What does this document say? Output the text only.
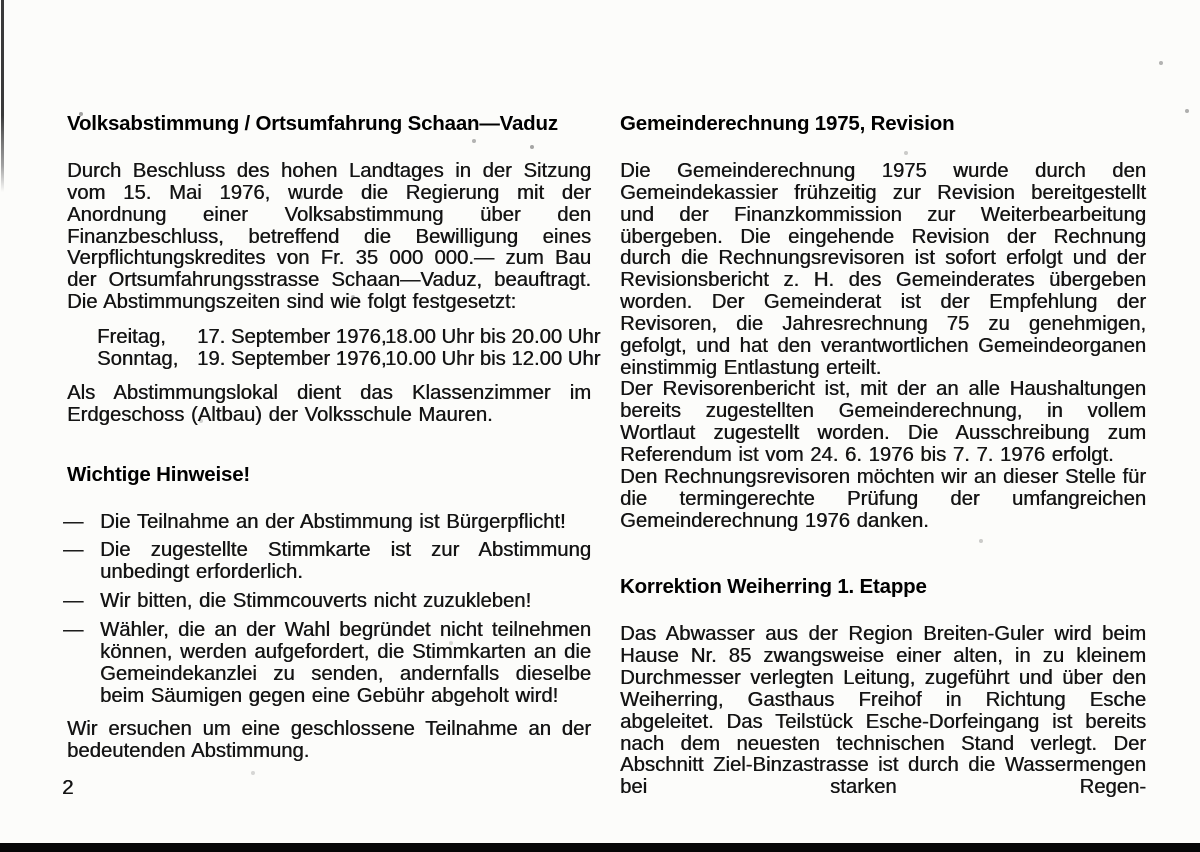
Volksabstimmung / Ortsumfahrung Schaan—Vaduz

Durch Beschluss des hohen Landtages in der Sitzung vom 15. Mai 1976, wurde die Regierung mit der Anordnung einer Volksabstimmung über den Finanzbeschluss, betreffend die Bewilligung eines Verpflichtungskredites von Fr. 35 000 000.— zum Bau der Ortsumfahrungsstrasse Schaan—Vaduz, beauftragt. Die Abstimmungszeiten sind wie folgt festgesetzt:

Freitag,	17. September 1976,
18.00 Uhr bis 20.00 Uhr
Sonntag, 19. September 1976,
10.00 Uhr bis 12.00 Uhr

Als Abstimmungslokal dient das Klassenzimmer im Erdgeschoss (Altbau) der Volksschule Mauren.

Wichtige Hinweise!
— Die Teilnahme an der Abstimmung ist Bürgerpflicht!
— Die zugestellte Stimmkarte ist zur Abstimmung unbedingt erforderlich.
— Wir bitten, die Stimmcouverts nicht zuzukleben!
— Wähler, die an der Wahl begründet nicht teilnehmen können, werden aufgefordert, die Stimmkarten an die Gemeindekanzlei zu senden, andernfalls dieselbe beim Säumigen gegen eine Gebühr abgeholt wird!

Wir ersuchen um eine geschlossene Teilnahme an der bedeutenden Abstimmung.

Gemeinderechnung 1975, Revision

Die Gemeinderechnung 1975 wurde durch den Gemeindekassier frühzeitig zur Revision bereitgestellt und der Finanzkommission zur Weiterbearbeitung übergeben. Die eingehende Revision der Rechnung durch die Rechnungsrevisoren ist sofort erfolgt und der Revisionsbericht z. H. des Gemeinderates übergeben worden. Der Gemeinderat ist der Empfehlung der Revisoren, die Jahresrechnung 75 zu genehmigen, gefolgt, und hat den verantwortlichen Gemeindeorganen einstimmig Entlastung erteilt.

Der Revisorenbericht ist, mit der an alle Haushaltungen bereits zugestellten Gemeinderechnung, in vollem Wortlaut zugestellt worden. Die Ausschreibung zum Referendum ist vom 24. 6. 1976 bis 7. 7. 1976 erfolgt.

Den Rechnungsrevisoren möchten wir an dieser Stelle für die termingerechte Prüfung der umfangreichen Gemeinderechnung 1976 danken.

Korrektion Weiherring 1. Etappe

Das Abwasser aus der Region Breiten-Guler wird beim Hause Nr. 85 zwangsweise einer alten, in zu kleinem Durchmesser verlegten Leitung, zugeführt und über den Weiherring, Gasthaus Freihof in Richtung Esche abgeleitet. Das Teilstück Esche-Dorfeingang ist bereits nach dem neuesten technischen Stand verlegt. Der Abschnitt Ziel-Binzastrasse ist durch die Wassermengen bei starken Regen-

2
